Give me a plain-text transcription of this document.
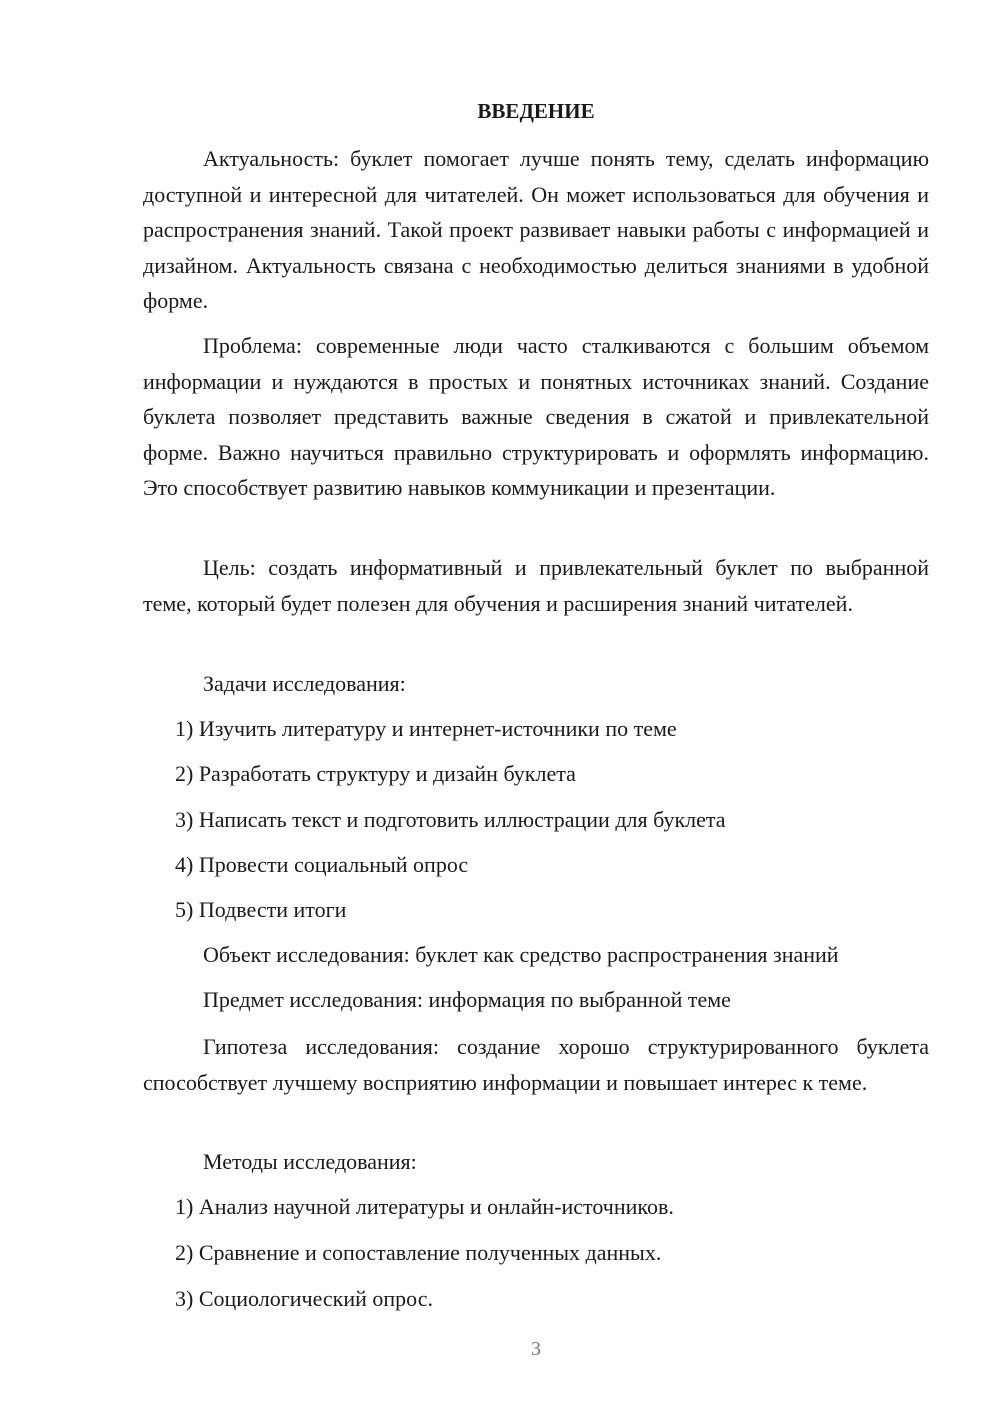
ВВЕДЕНИЕ

Актуальность: буклет помогает лучше понять тему, сделать информацию доступной и интересной для читателей. Он может использоваться для обучения и распространения знаний. Такой проект развивает навыки работы с информацией и дизайном. Актуальность связана с необходимостью делиться знаниями в удобной форме.

Проблема: современные люди часто сталкиваются с большим объемом информации и нуждаются в простых и понятных источниках знаний. Создание буклета позволяет представить важные сведения в сжатой и привлекательной форме. Важно научиться правильно структурировать и оформлять информацию. Это способствует развитию навыков коммуникации и презентации.

Цель: создать информативный и привлекательный буклет по выбранной теме, который будет полезен для обучения и расширения знаний читателей.

Задачи исследования:

1) Изучить литературу и интернет-источники по теме

2) Разработать структуру и дизайн буклета

3) Написать текст и подготовить иллюстрации для буклета

4) Провести социальный опрос

5) Подвести итоги

Объект исследования: буклет как средство распространения знаний

Предмет исследования: информация по выбранной теме

Гипотеза исследования: создание хорошо структурированного буклета способствует лучшему восприятию информации и повышает интерес к теме.

Методы исследования:

1) Анализ научной литературы и онлайн-источников.

2) Сравнение и сопоставление полученных данных.

3) Социологический опрос.

3
